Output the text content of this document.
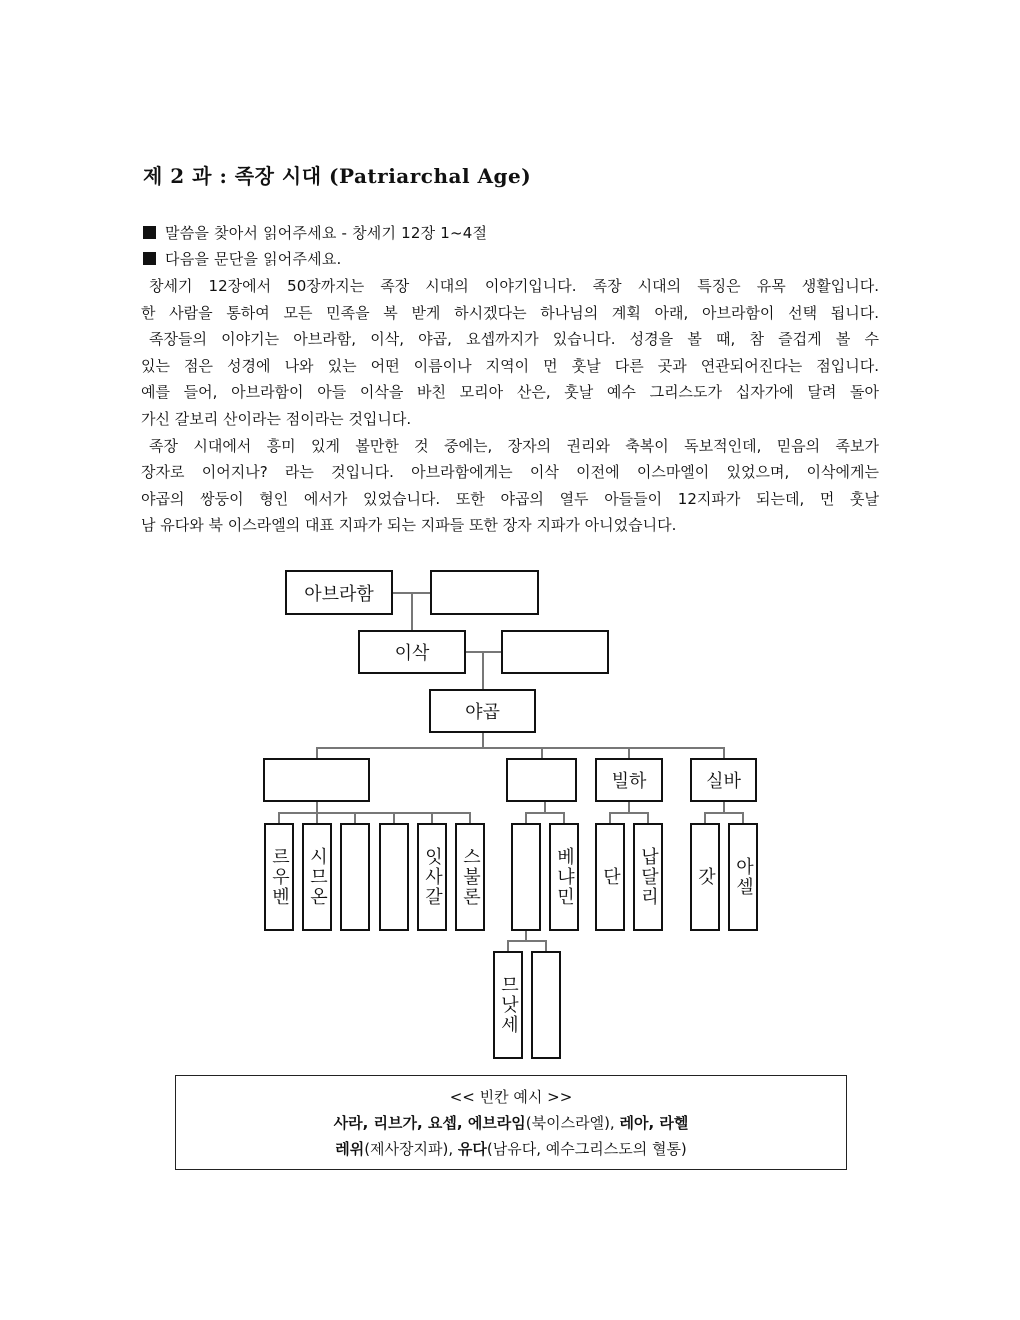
제 2 과 : 족장 시대 (Patriarchal Age)
말씀을 찾아서 읽어주세요 - 창세기 12장 1~4절
다음을 문단을 읽어주세요.
창세기 12장에서 50장까지는 족장 시대의 이야기입니다. 족장 시대의 특징은 유목 생활입니다.
한 사람을 통하여 모든 민족을 복 받게 하시겠다는 하나님의 계획 아래, 아브라함이 선택 됩니다.
족장들의 이야기는 아브라함, 이삭, 야곱, 요셉까지가 있습니다. 성경을 볼 때, 참 즐겁게 볼 수
있는 점은 성경에 나와 있는 어떤 이름이나 지역이 먼 훗날 다른 곳과 연관되어진다는 점입니다.
예를 들어, 아브라함이 아들 이삭을 바친 모리아 산은, 훗날 예수 그리스도가 십자가에 달려 돌아
가신 갈보리 산이라는 점이라는 것입니다.
족장 시대에서 흥미 있게 볼만한 것 중에는, 장자의 권리와 축복이 독보적인데, 믿음의 족보가
장자로 이어지나? 라는 것입니다. 아브라함에게는 이삭 이전에 이스마엘이 있었으며, 이삭에게는
야곱의 쌍둥이 형인 에서가 있었습니다. 또한 야곱의 열두 아들들이 12지파가 되는데, 먼 훗날
남 유다와 북 이스라엘의 대표 지파가 되는 지파들 또한 장자 지파가 아니었습니다.
아브라함
이삭
야곱
빌하	실바
르우벤 시므온	잇사갈 스불론	베냐민 단 납달리 갓 아셀
므낫세
<< 빈칸 예시 >>
사라, 리브가, 요셉, 에브라임(북이스라엘), 레아, 라헬
레위(제사장지파), 유다(남유다, 예수그리스도의 혈통)
